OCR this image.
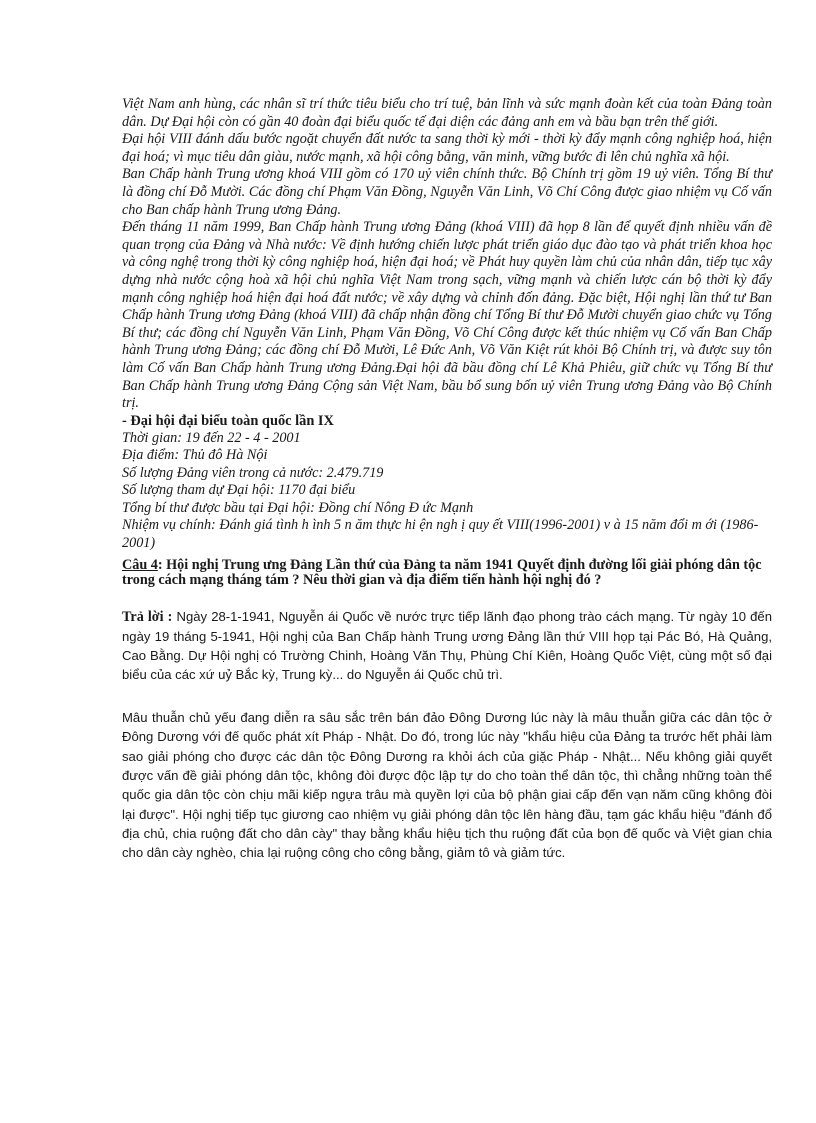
Việt Nam anh hùng, các nhân sĩ trí thức tiêu biểu cho trí tuệ, bản lĩnh và sức mạnh đoàn kết của toàn Đảng toàn dân. Dự Đại hội còn có gần 40 đoàn đại biểu quốc tế đại diện các đảng anh em và bầu bạn trên thế giới.

Đại hội VIII đánh dấu bước ngoặt chuyển đất nước ta sang thời kỳ mới - thời kỳ đẩy mạnh công nghiệp hoá, hiện đại hoá; vì mục tiêu dân giàu, nước mạnh, xã hội công bằng, văn minh, vững bước đi lên chủ nghĩa xã hội.

Ban Chấp hành Trung ương khoá VIII gồm có 170 uỷ viên chính thức. Bộ Chính trị gồm 19 uỷ viên. Tổng Bí thư là đồng chí Đỗ Mười. Các đồng chí Phạm Văn Đồng, Nguyễn Văn Linh, Võ Chí Công được giao nhiệm vụ Cố vấn cho Ban chấp hành Trung ương Đảng.

Đến tháng 11 năm 1999, Ban Chấp hành Trung ương Đảng (khoá VIII) đã họp 8 lần để quyết định nhiều vấn đề quan trọng của Đảng và Nhà nước: Về định hướng chiến lược phát triển giáo dục đào tạo và phát triển khoa học và công nghệ trong thời kỳ công nghiệp hoá, hiện đại hoá; về Phát huy quyền làm chủ của nhân dân, tiếp tục xây dựng nhà nước cộng hoà xã hội chủ nghĩa Việt Nam trong sạch, vững mạnh và chiến lược cán bộ thời kỳ đẩy mạnh công nghiệp hoá hiện đại hoá đất nước; về xây dựng và chỉnh đốn đảng. Đặc biệt, Hội nghị lần thứ tư Ban Chấp hành Trung ương Đảng (khoá VIII) đã chấp nhận đồng chí Tổng Bí thư Đỗ Mười chuyển giao chức vụ Tổng Bí thư; các đồng chí Nguyễn Văn Linh, Phạm Văn Đồng, Võ Chí Công được kết thúc nhiệm vụ Cố vấn Ban Chấp hành Trung ương Đảng; các đồng chí Đỗ Mười, Lê Đức Anh, Võ Văn Kiệt rút khỏi Bộ Chính trị, và được suy tôn làm Cố vấn Ban Chấp hành Trung ương Đảng.Đại hội đã bầu đồng chí Lê Khả Phiêu, giữ chức vụ Tổng Bí thư Ban Chấp hành Trung ương Đảng Cộng sản Việt Nam, bầu bổ sung bốn uỷ viên Trung ương Đảng vào Bộ Chính trị.

- Đại hội đại biểu toàn quốc lần IX

Thời gian: 19 đến 22 - 4 - 2001

Địa điểm: Thủ đô Hà Nội

Số lượng Đảng viên trong cả nước: 2.479.719

Số lượng tham dự Đại hội: 1170 đại biểu

Tổng bí thư được bầu tại Đại hội: Đồng chí Nông Đ ức Mạnh

Nhiệm vụ chính: Đánh giá tình h ình 5 n ăm thực hi ện ngh ị quy ết VIII(1996-2001) v à 15 năm đổi m ới (1986-2001)

Câu 4: Hội nghị Trung ưng Đảng Lần thứ của Đảng ta năm 1941 Quyết định đường lối giải phóng dân tộc trong cách mạng tháng tám ? Nêu thời gian và địa điểm tiến hành hội nghị đó ?

Trả lời : Ngày 28-1-1941, Nguyễn ái Quốc về nước trực tiếp lãnh đạo phong trào cách mạng. Từ ngày 10 đến ngày 19 tháng 5-1941, Hội nghị của Ban Chấp hành Trung ương Đảng lần thứ VIII họp tại Pác Bó, Hà Quảng, Cao Bằng. Dự Hội nghị có Trường Chinh, Hoàng Văn Thụ, Phùng Chí Kiên, Hoàng Quốc Việt, cùng một số đại biểu của các xứ uỷ Bắc kỳ, Trung kỳ... do Nguyễn ái Quốc chủ trì.

Mâu thuẫn chủ yếu đang diễn ra sâu sắc trên bán đảo Đông Dương lúc này là mâu thuẫn giữa các dân tộc ở Đông Dương với đế quốc phát xít Pháp - Nhật. Do đó, trong lúc này "khẩu hiệu của Đảng ta trước hết phải làm sao giải phóng cho được các dân tộc Đông Dương ra khỏi ách của giặc Pháp - Nhật... Nếu không giải quyết được vấn đề giải phóng dân tộc, không đòi được độc lập tự do cho toàn thể dân tộc, thì chẳng những toàn thể quốc gia dân tộc còn chịu mãi kiếp ngựa trâu mà quyền lợi của bộ phận giai cấp đến vạn năm cũng không đòi lại được". Hội nghị tiếp tục giương cao nhiệm vụ giải phóng dân tộc lên hàng đầu, tạm gác khẩu hiệu "đánh đổ địa chủ, chia ruộng đất cho dân cày" thay bằng khẩu hiệu tịch thu ruộng đất của bọn đế quốc và Việt gian chia cho dân cày nghèo, chia lại ruộng công cho công bằng, giảm tô và giảm tức.
